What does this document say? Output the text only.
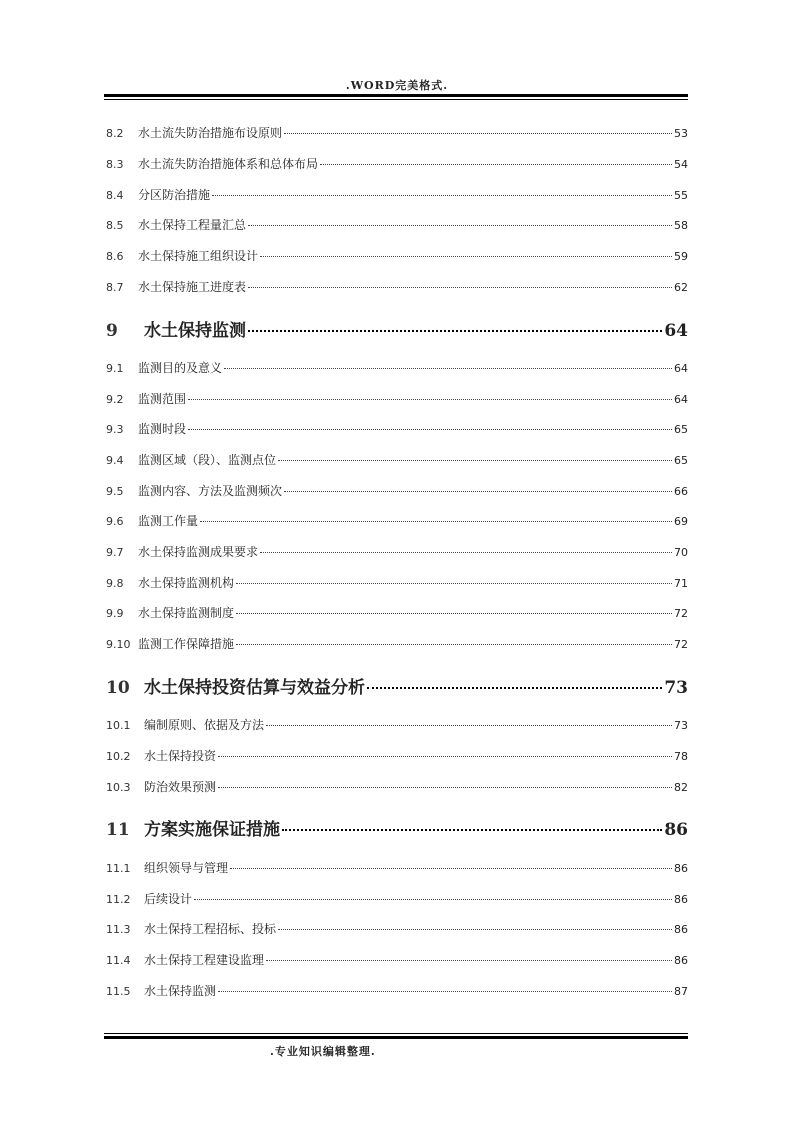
.WORD完美格式.
8.2	水土流失防治措施布设原则	53
8.3	水土流失防治措施体系和总体布局	54
8.4	分区防治措施	55
8.5	水土保持工程量汇总	58
8.6	水土保持施工组织设计	59
8.7	水土保持施工进度表	62
9	水土保持监测	64
9.1	监测目的及意义	64
9.2	监测范围	64
9.3	监测时段	65
9.4	监测区域（段）、监测点位	65
9.5	监测内容、方法及监测频次	66
9.6	监测工作量	69
9.7	水土保持监测成果要求	70
9.8	水土保持监测机构	71
9.9	水土保持监测制度	72
9.10 监测工作保障措施	72
10 水土保持投资估算与效益分析	73
10.1	编制原则、依据及方法	73
10.2	水土保持投资	78
10.3	防治效果预测	82
11 方案实施保证措施	86
11.1	组织领导与管理	86
11.2	后续设计	86
11.3	水土保持工程招标、投标	86
11.4	水土保持工程建设监理	86
11.5	水土保持监测	87
.专业知识编辑整理.
